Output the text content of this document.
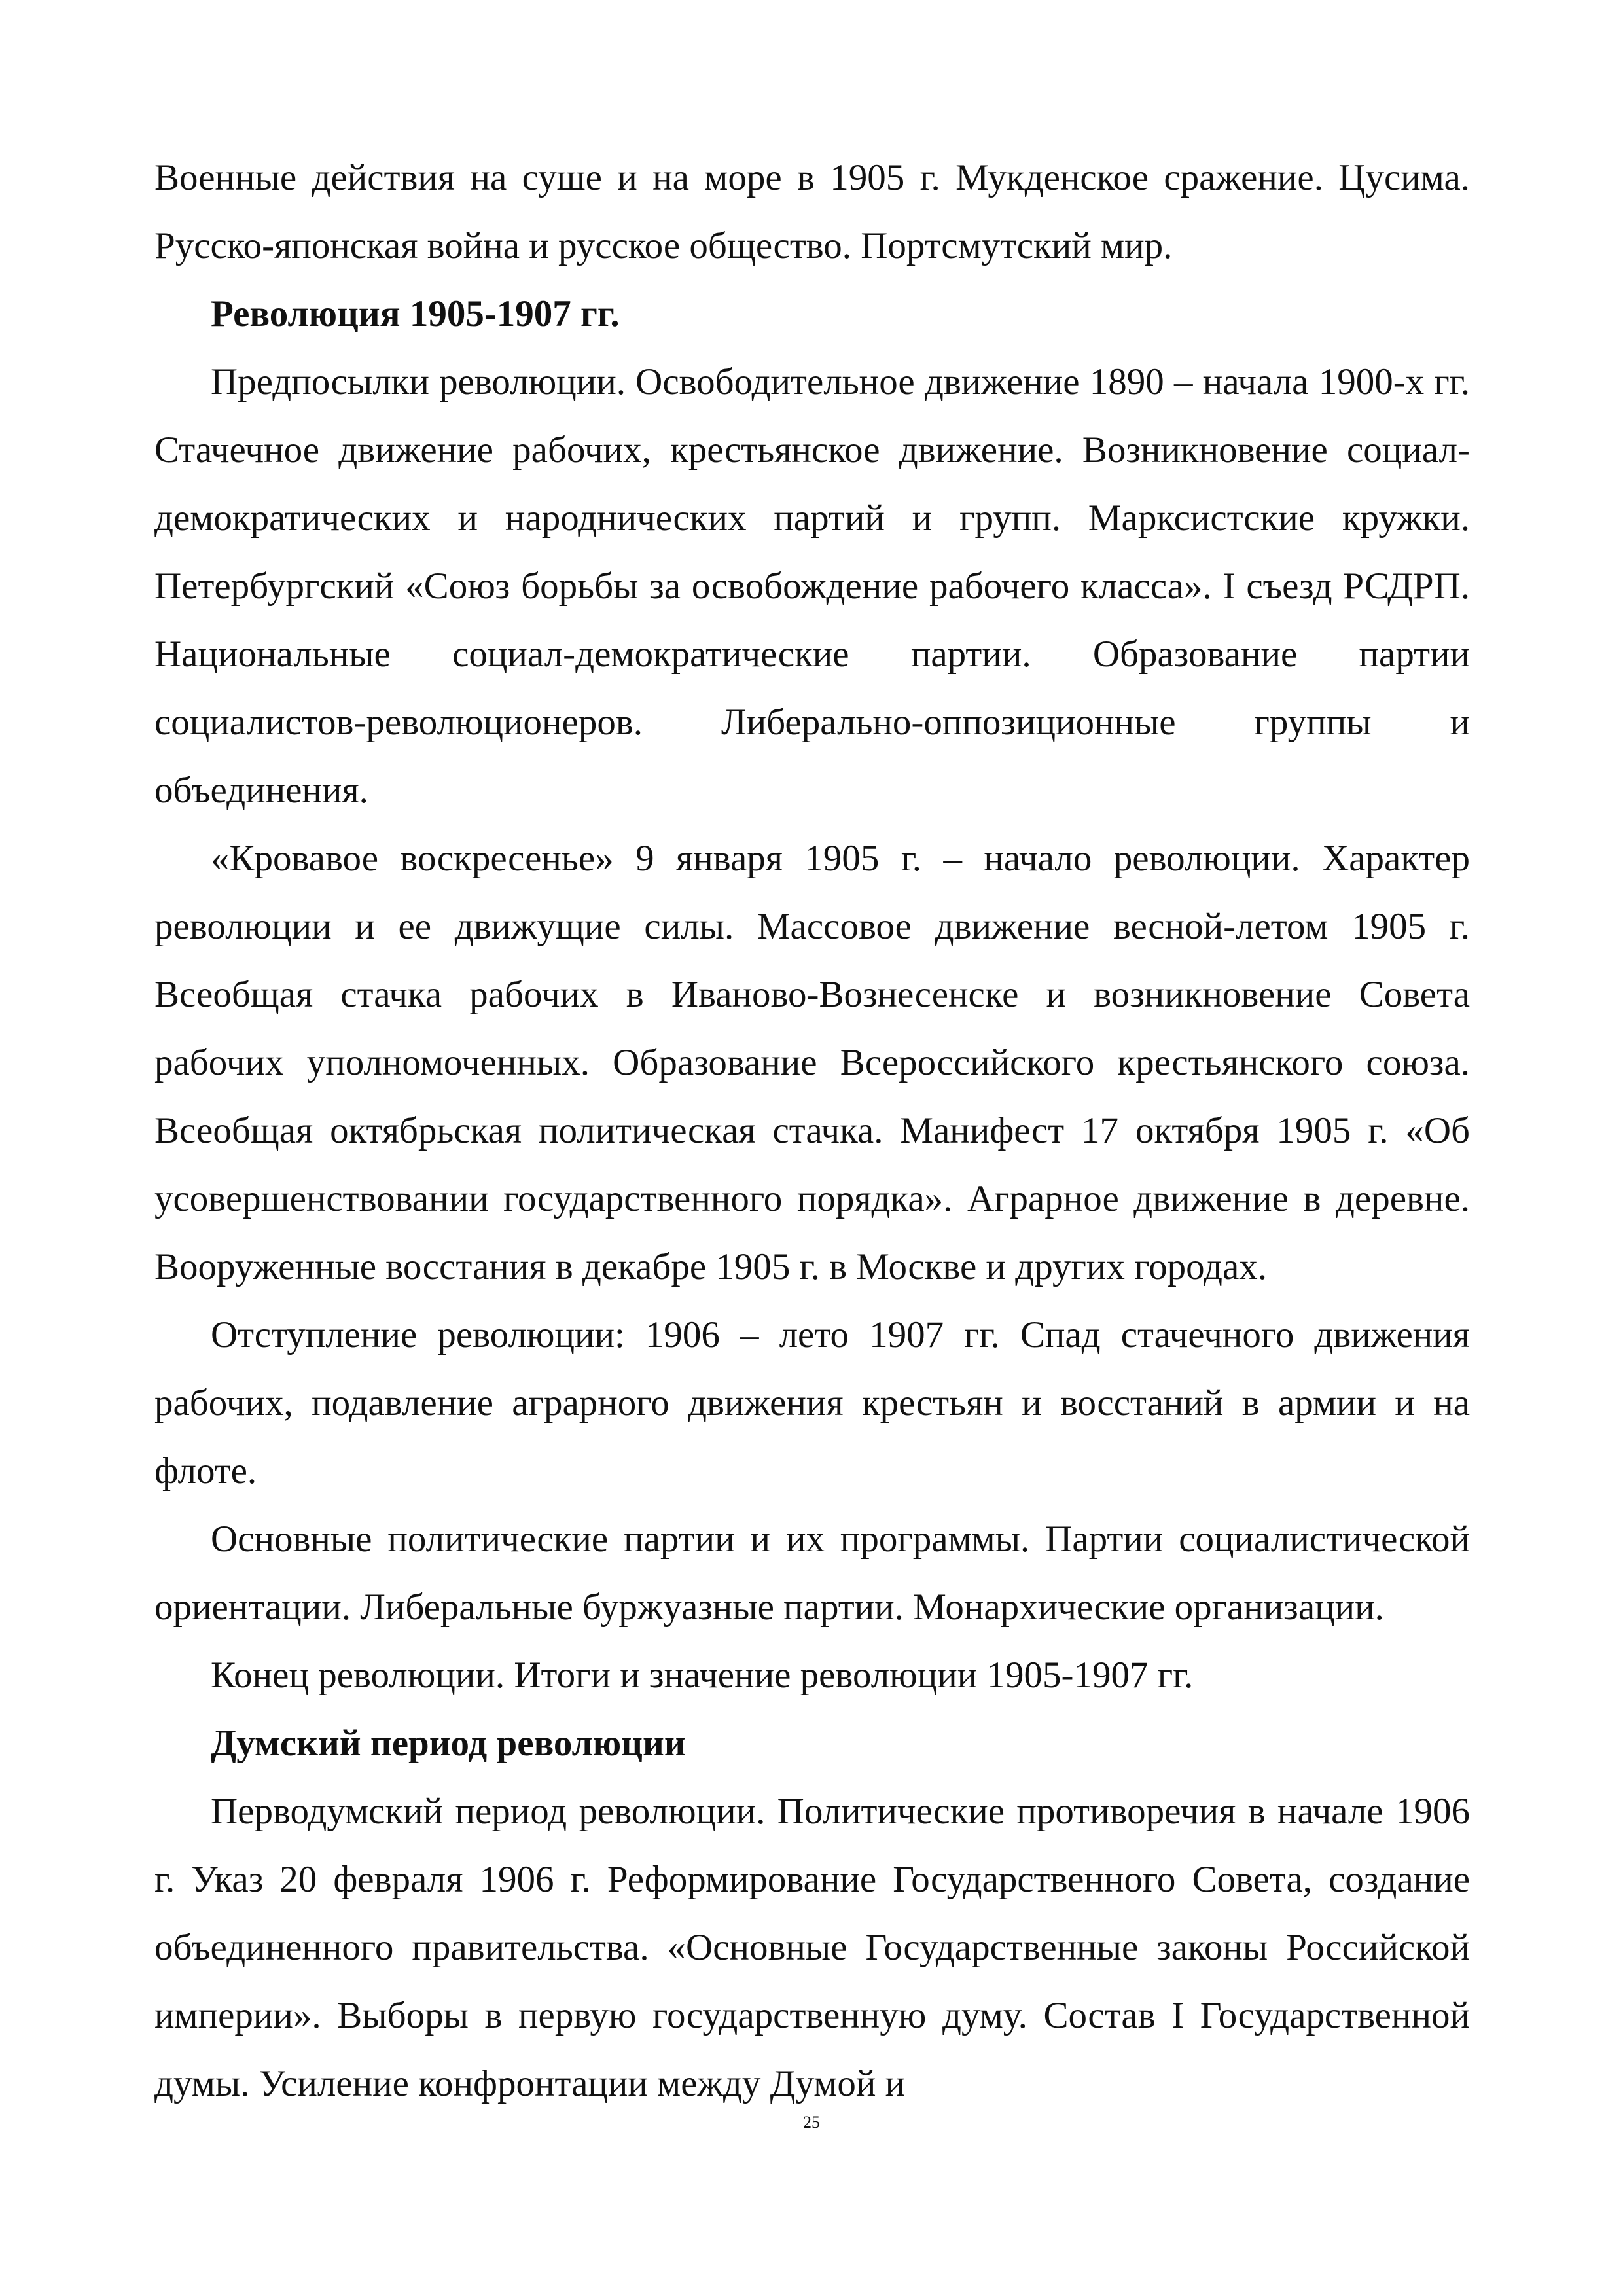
Военные действия на суше и на море в 1905 г. Мукденское сражение. Цусима. Русско-японская война и русское общество. Портсмутский мир.

Революция 1905-1907 гг.

Предпосылки революции. Освободительное движение 1890 – начала 1900-х гг. Стачечное движение рабочих, крестьянское движение. Возникновение социал-демократических и народнических партий и групп. Марксистские кружки. Петербургский «Союз борьбы за освобождение рабочего класса». I съезд РСДРП. Национальные социал-демократические партии. Образование партии социалистов-революционеров. Либерально-оппозиционные группы и объединения.

«Кровавое воскресенье» 9 января 1905 г. – начало революции. Характер революции и ее движущие силы. Массовое движение весной-летом 1905 г. Всеобщая стачка рабочих в Иваново-Вознесенске и возникновение Совета рабочих уполномоченных. Образование Всероссийского крестьянского союза. Всеобщая октябрьская политическая стачка. Манифест 17 октября 1905 г. «Об усовершенствовании государственного порядка». Аграрное движение в деревне. Вооруженные восстания в декабре 1905 г. в Москве и других городах.

Отступление революции: 1906 – лето 1907 гг. Спад стачечного движения рабочих, подавление аграрного движения крестьян и восстаний в армии и на флоте.

Основные политические партии и их программы. Партии социалистической ориентации. Либеральные буржуазные партии. Монархические организации.

Конец революции. Итоги и значение революции 1905-1907 гг.

Думский период революции

Перводумский период революции. Политические противоречия в начале 1906 г. Указ 20 февраля 1906 г. Реформирование Государственного Совета, создание объединенного правительства. «Основные Государственные законы Российской империи». Выборы в первую государственную думу. Состав I Государственной думы. Усиление конфронтации между Думой и

25
